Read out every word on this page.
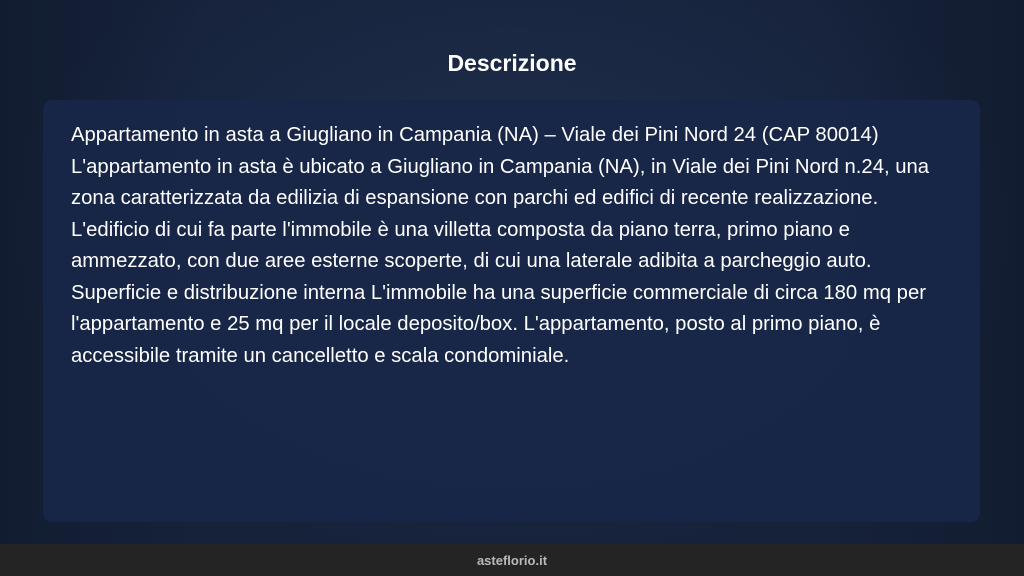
Descrizione

Appartamento in asta a Giugliano in Campania (NA) – Viale dei Pini Nord 24 (CAP 80014) L'appartamento in asta è ubicato a Giugliano in Campania (NA), in Viale dei Pini Nord n.24, una zona caratterizzata da edilizia di espansione con parchi ed edifici di recente realizzazione. L'edificio di cui fa parte l'immobile è una villetta composta da piano terra, primo piano e ammezzato, con due aree esterne scoperte, di cui una laterale adibita a parcheggio auto. Superficie e distribuzione interna L'immobile ha una superficie commerciale di circa 180 mq per l'appartamento e 25 mq per il locale deposito/box. L'appartamento, posto al primo piano, è accessibile tramite un cancelletto e scala condominiale.

asteflorio.it
